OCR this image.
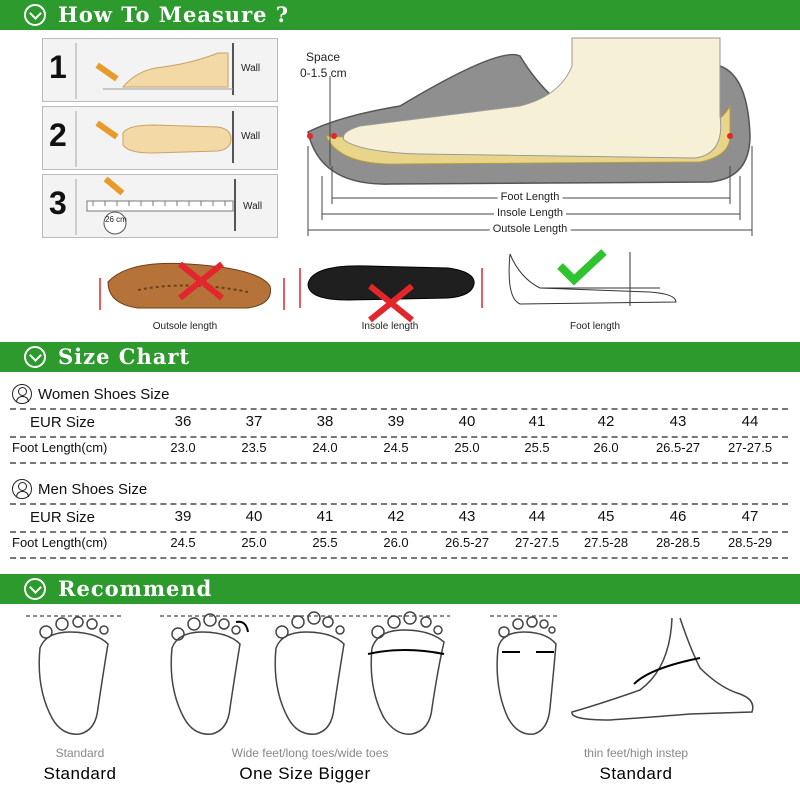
How To Measure ?
1	Wall
2	Wall
3	26 cm
Wall
Space
0-1.5 cm
Foot Length
Insole Length
Outsole Length
Outsole length	Insole length	Foot length
Size Chart
Women Shoes Size
EUR Size	36	37	38	39	40	41	42	43	44
Foot Length(cm)	23.0	23.5	24.0	24.5	25.0	25.5	26.0	26.5-27	27-27.5
Men Shoes Size
EUR Size	39	40	41	42	43	44	45	46	47
Foot Length(cm)	24.5	25.0	25.5	26.0	26.5-27	27-27.5	27.5-28	28-28.5	28.5-29
Recommend
Standard
Standard
Wide feet/long toes/wide toes
One Size Bigger
thin feet/high instep
Standard
